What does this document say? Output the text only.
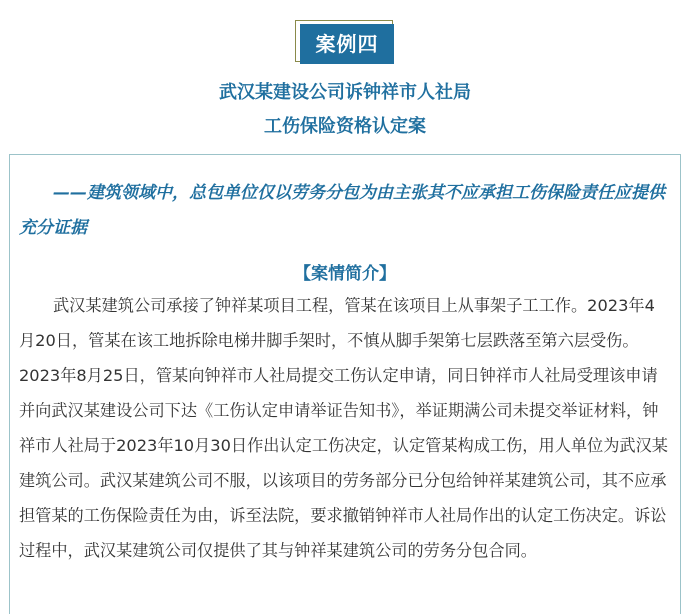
案例四
武汉某建设公司诉钟祥市人社局
工伤保险资格认定案
——建筑领域中，总包单位仅以劳务分包为由主张其不应承担工伤保险责任应提供充分证据
【案情简介】

武汉某建筑公司承接了钟祥某项目工程，管某在该项目上从事架子工工作。2023年4月20日，管某在该工地拆除电梯井脚手架时，不慎从脚手架第七层跌落至第六层受伤。2023年8月25日，管某向钟祥市人社局提交工伤认定申请，同日钟祥市人社局受理该申请并向武汉某建设公司下达《工伤认定申请举证告知书》，举证期满公司未提交举证材料，钟祥市人社局于2023年10月30日作出认定工伤决定，认定管某构成工伤，用人单位为武汉某建筑公司。武汉某建筑公司不服，以该项目的劳务部分已分包给钟祥某建筑公司，其不应承担管某的工伤保险责任为由，诉至法院，要求撤销钟祥市人社局作出的认定工伤决定。诉讼过程中，武汉某建筑公司仅提供了其与钟祥某建筑公司的劳务分包合同。
